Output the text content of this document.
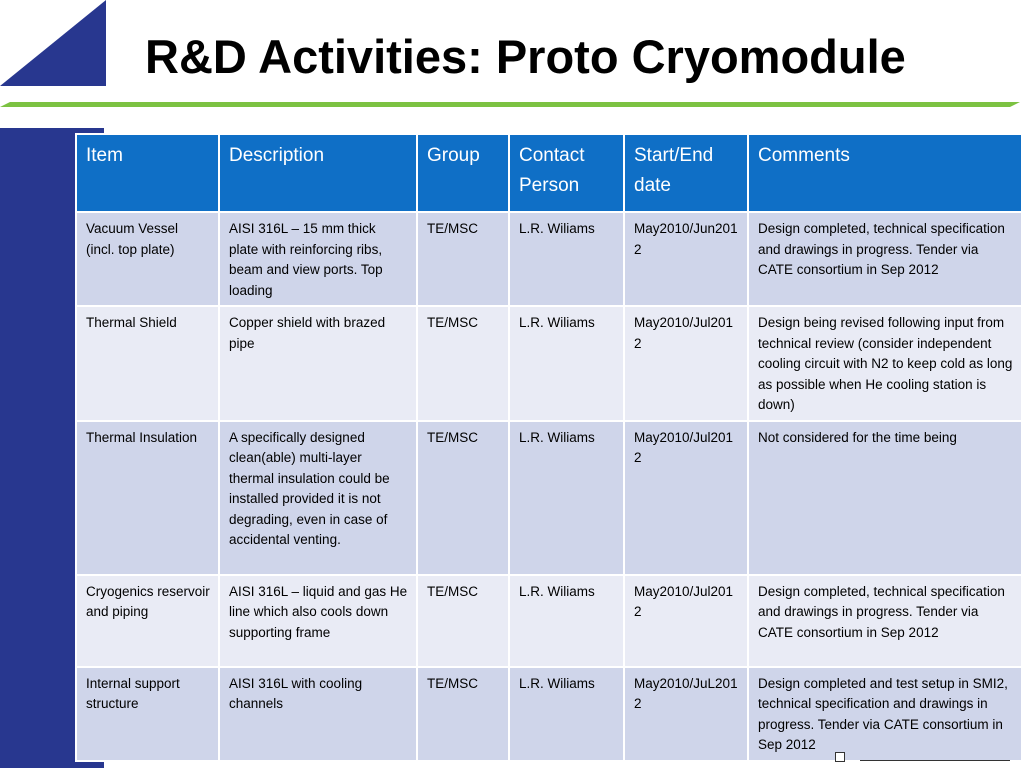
R&D Activities: Proto Cryomodule
Item	Description	Group	Contact Person	Start/End date	Comments
Vacuum Vessel (incl. top plate)	AISI 316L – 15 mm thick plate with reinforcing ribs, beam and view ports. Top loading	TE/MSC	L.R. Wiliams	May2010/Jun2012	Design completed, technical specification and drawings in progress. Tender via CATE consortium in Sep 2012
Thermal Shield	Copper shield with brazed pipe	TE/MSC	L.R. Wiliams	May2010/Jul2012	Design being revised following input from technical review (consider independent cooling circuit with N2 to keep cold as long as possible when He cooling station is down)
Thermal Insulation	A specifically designed clean(able) multi-layer thermal insulation could be installed provided it is not degrading, even in case of accidental venting.	TE/MSC	L.R. Wiliams	May2010/Jul2012	Not considered for the time being
Cryogenics reservoir and piping	AISI 316L – liquid and gas He line which also cools down supporting frame	TE/MSC	L.R. Wiliams	May2010/Jul2012	Design completed, technical specification and drawings in progress. Tender via CATE consortium in Sep 2012
Internal support structure	AISI 316L with cooling channels	TE/MSC	L.R. Wiliams	May2010/JuL2012	Design completed and test setup in SMI2, technical specification and drawings in progress. Tender via CATE consortium in Sep 2012
